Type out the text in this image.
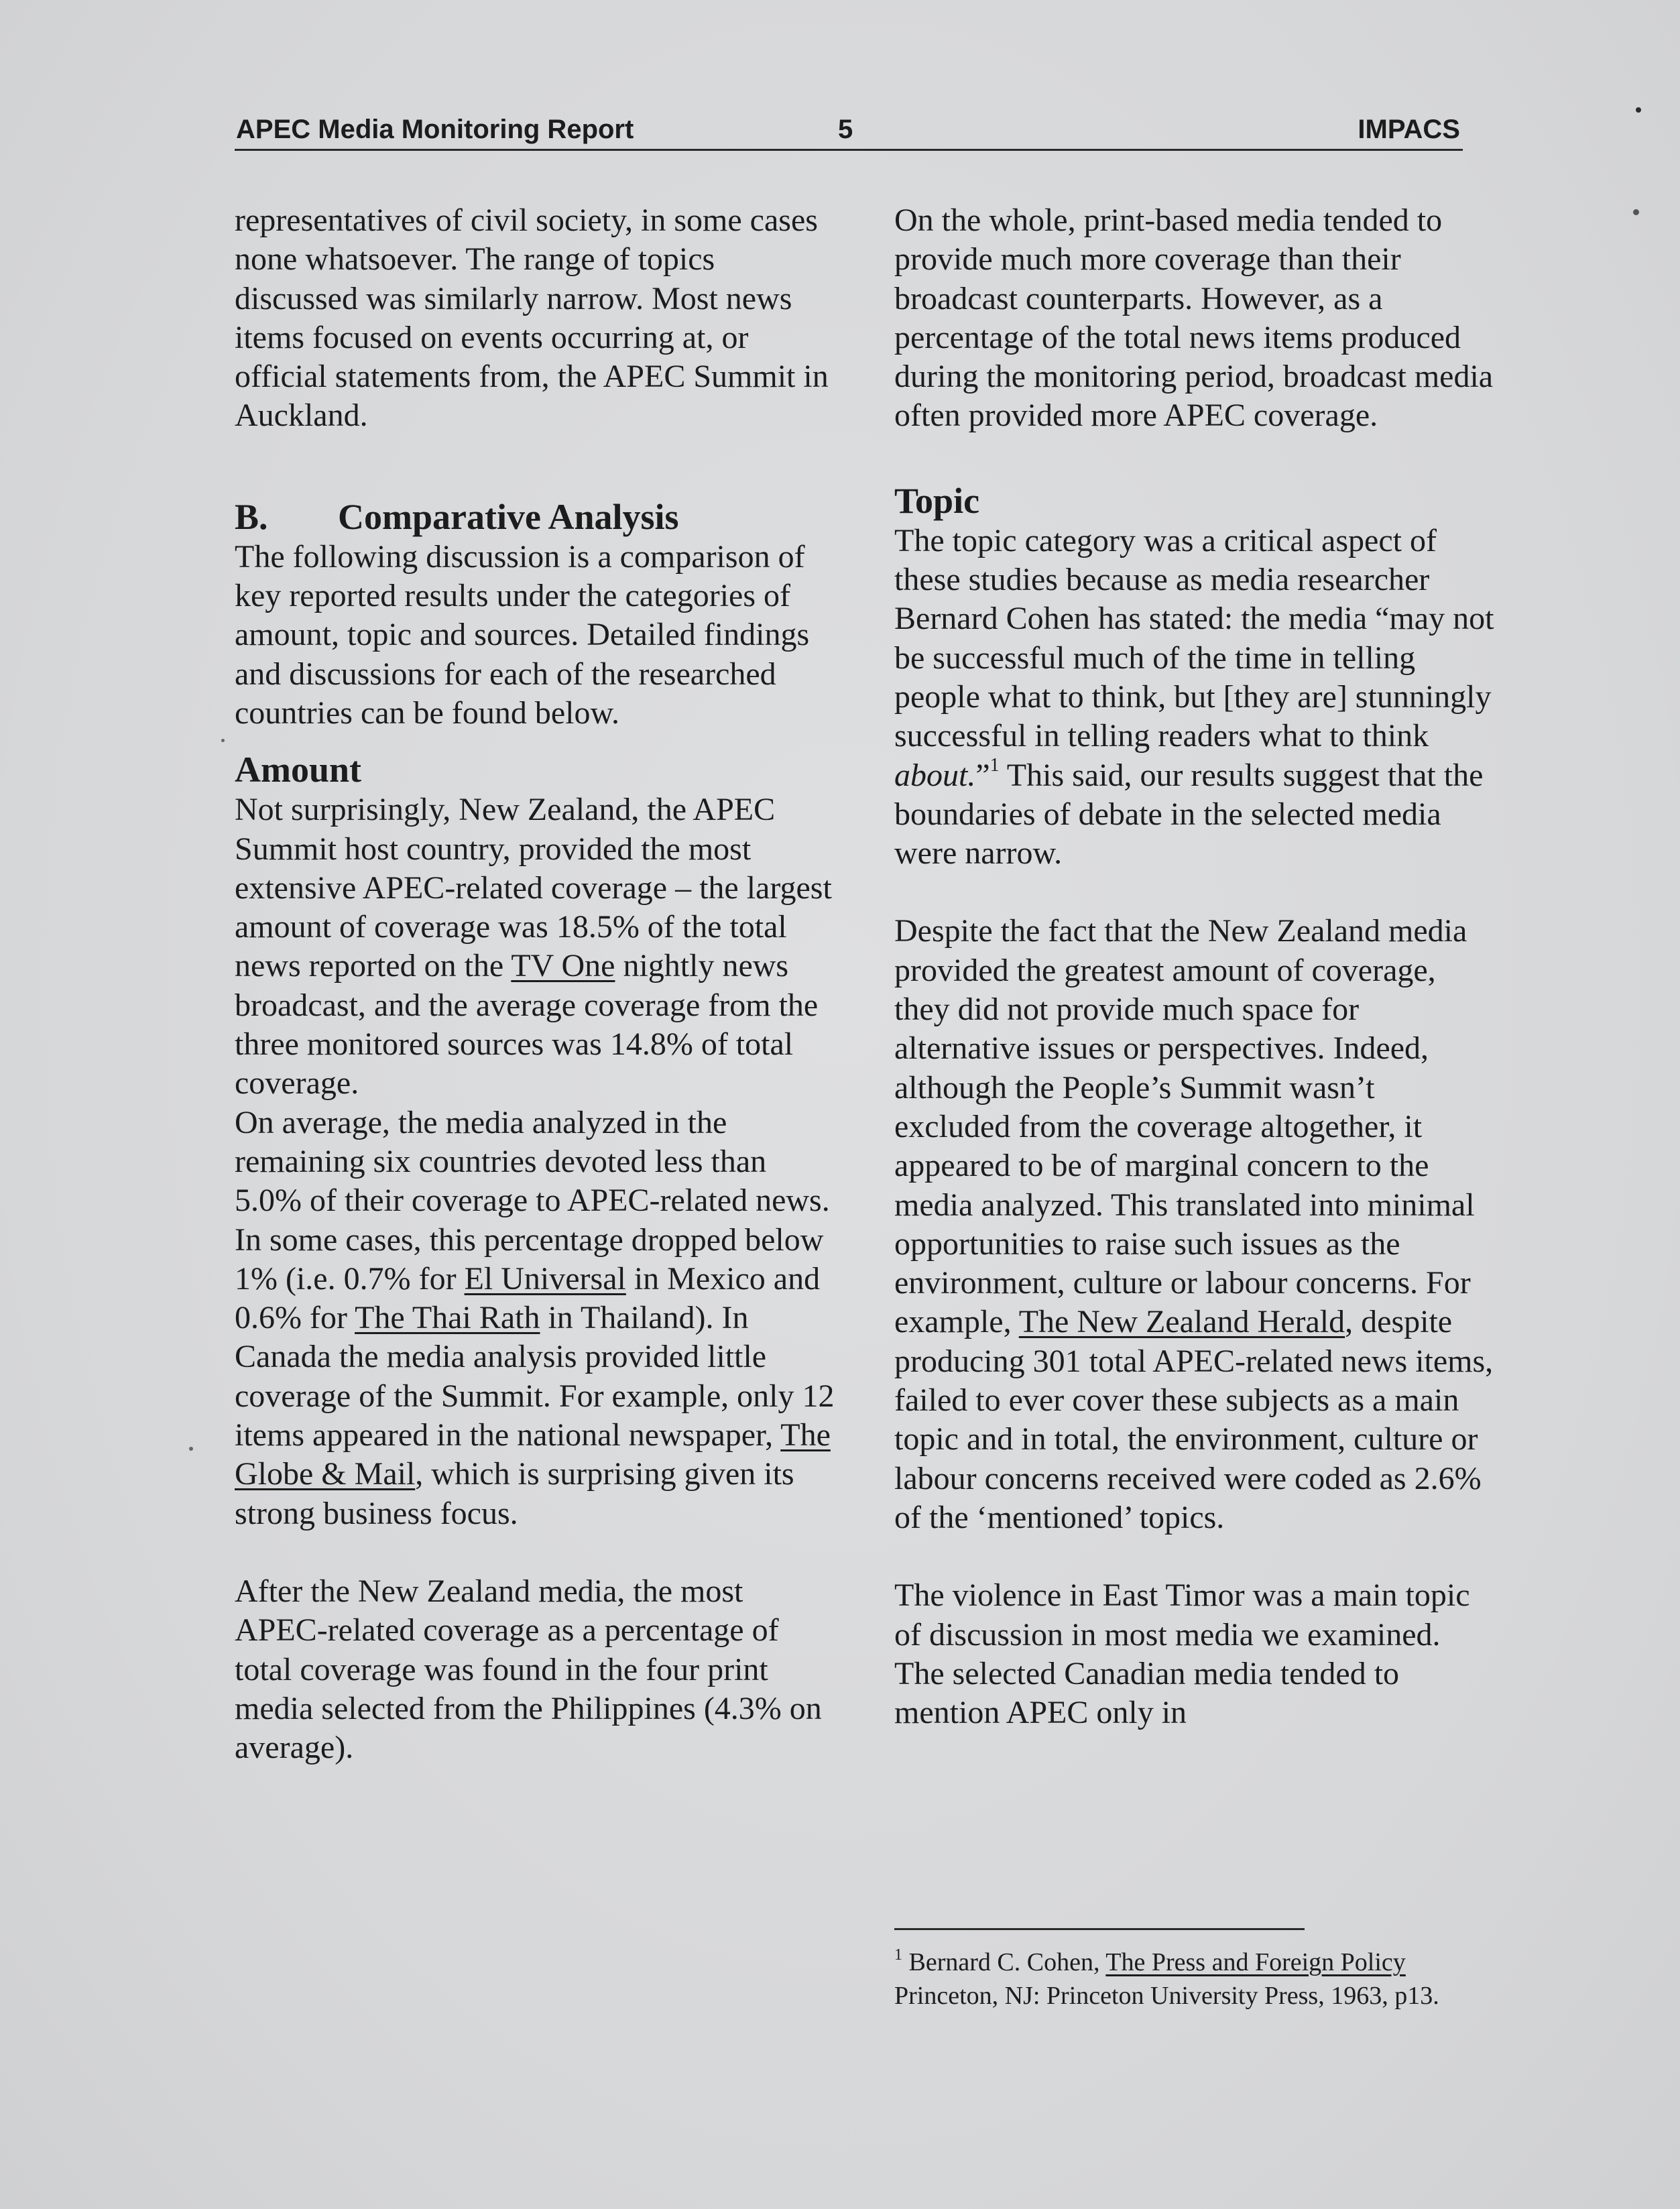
APEC Media Monitoring Report	5	IMPACS

representatives of civil society, in some cases none whatsoever. The range of topics discussed was similarly narrow. Most news items focused on events occurring at, or official statements from, the APEC Summit in Auckland.

B. Comparative Analysis

The following discussion is a comparison of key reported results under the categories of amount, topic and sources. Detailed findings and discussions for each of the researched countries can be found below.

Amount

Not surprisingly, New Zealand, the APEC Summit host country, provided the most extensive APEC-related coverage – the largest amount of coverage was 18.5% of the total news reported on the TV One nightly news broadcast, and the average coverage from the three monitored sources was 14.8% of total coverage.

On average, the media analyzed in the remaining six countries devoted less than 5.0% of their coverage to APEC-related news. In some cases, this percentage dropped below 1% (i.e. 0.7% for El Universal in Mexico and 0.6% for The Thai Rath in Thailand). In Canada the media analysis provided little coverage of the Summit. For example, only 12 items appeared in the national newspaper, The Globe & Mail, which is surprising given its strong business focus.

After the New Zealand media, the most APEC-related coverage as a percentage of total coverage was found in the four print media selected from the Philippines (4.3% on average).

On the whole, print-based media tended to provide much more coverage than their broadcast counterparts. However, as a percentage of the total news items produced during the monitoring period, broadcast media often provided more APEC coverage.

Topic

The topic category was a critical aspect of these studies because as media researcher Bernard Cohen has stated: the media “may not be successful much of the time in telling people what to think, but [they are] stunningly successful in telling readers what to think about.”$^1$ This said, our results suggest that the boundaries of debate in the selected media were narrow.

Despite the fact that the New Zealand media provided the greatest amount of coverage, they did not provide much space for alternative issues or perspectives. Indeed, although the People’s Summit wasn’t excluded from the coverage altogether, it appeared to be of marginal concern to the media analyzed. This translated into minimal opportunities to raise such issues as the environment, culture or labour concerns. For example, The New Zealand Herald, despite producing 301 total APEC-related news items, failed to ever cover these subjects as a main topic and in total, the environment, culture or labour concerns received were coded as 2.6% of the ‘mentioned’ topics.

The violence in East Timor was a main topic of discussion in most media we examined. The selected Canadian media tended to mention APEC only in

$^1$ Bernard C. Cohen, The Press and Foreign Policy Princeton, NJ: Princeton University Press, 1963, p13.
